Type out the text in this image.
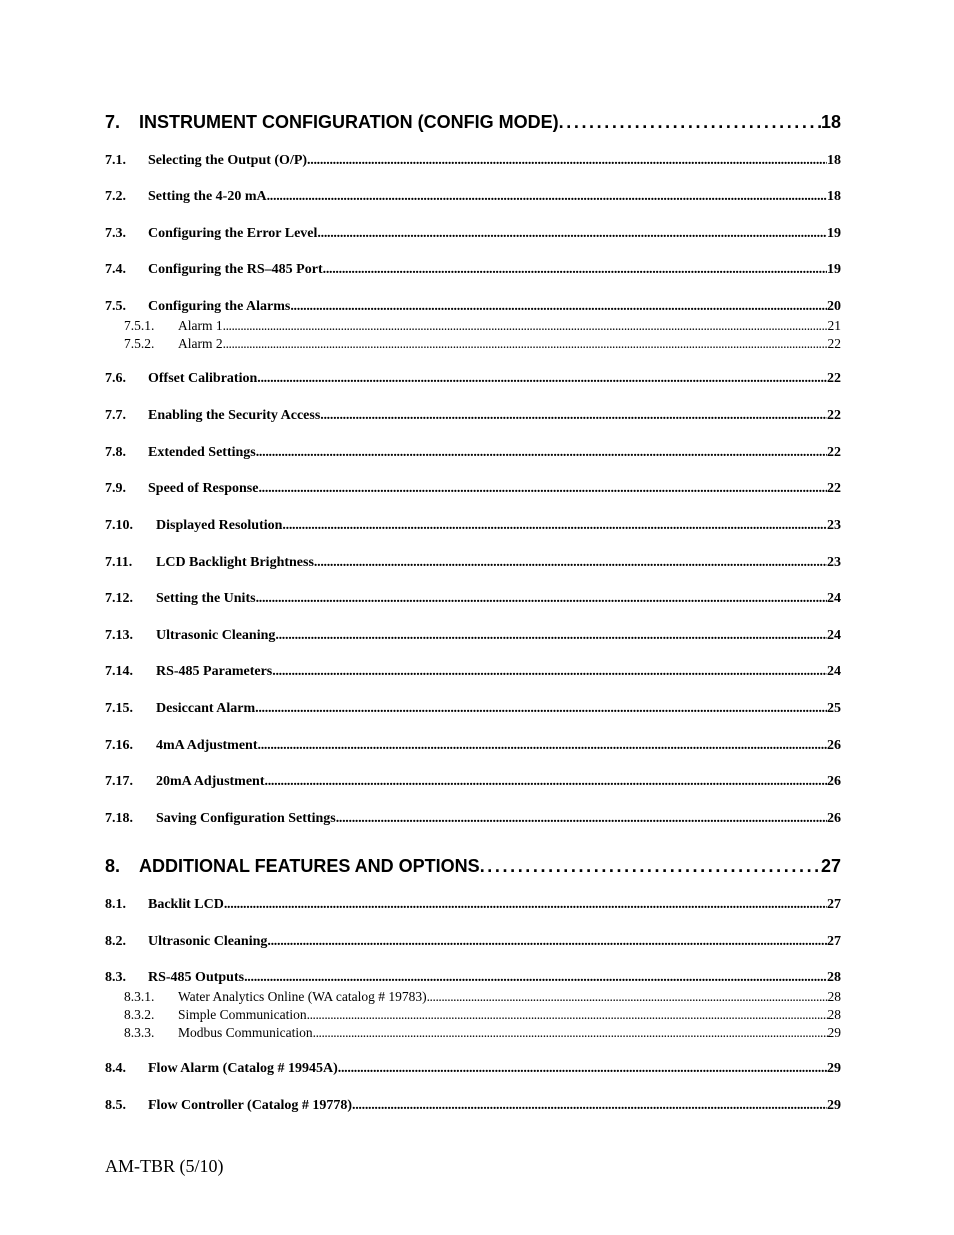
7.	INSTRUMENT CONFIGURATION (CONFIG MODE) . . .	18
7.1.	Selecting the Output (O/P) . . .	18
7.2.	Setting the 4-20 mA . . .	18
7.3.	Configuring the Error Level . . .	19
7.4.	Configuring the RS–485 Port . . .	19
7.5.	Configuring the Alarms . . .	20
7.5.1.	Alarm 1 . . .	21
7.5.2.	Alarm 2 . . .	22
7.6.	Offset Calibration . . .	22
7.7.	Enabling the Security Access . . .	22
7.8.	Extended Settings . . .	22
7.9.	Speed of Response . . .	22
7.10.	Displayed Resolution . . .	23
7.11.	LCD Backlight Brightness . . .	23
7.12.	Setting the Units . . .	24
7.13.	Ultrasonic Cleaning . . .	24
7.14.	RS-485 Parameters . . .	24
7.15.	Desiccant Alarm . . .	25
7.16.	4mA Adjustment . . .	26
7.17.	20mA Adjustment . . .	26
7.18.	Saving Configuration Settings . . .	26
8.	ADDITIONAL FEATURES AND OPTIONS . . .	27
8.1.	Backlit LCD . . .	27
8.2.	Ultrasonic Cleaning . . .	27
8.3.	RS-485 Outputs . . .	28
8.3.1.	Water Analytics Online (WA catalog # 19783) . . .	28
8.3.2.	Simple Communication . . .	28
8.3.3.	Modbus Communication . . .	29
8.4.	Flow Alarm (Catalog # 19945A) . . .	29
8.5.	Flow Controller (Catalog # 19778) . . .	29
AM-TBR (5/10)
